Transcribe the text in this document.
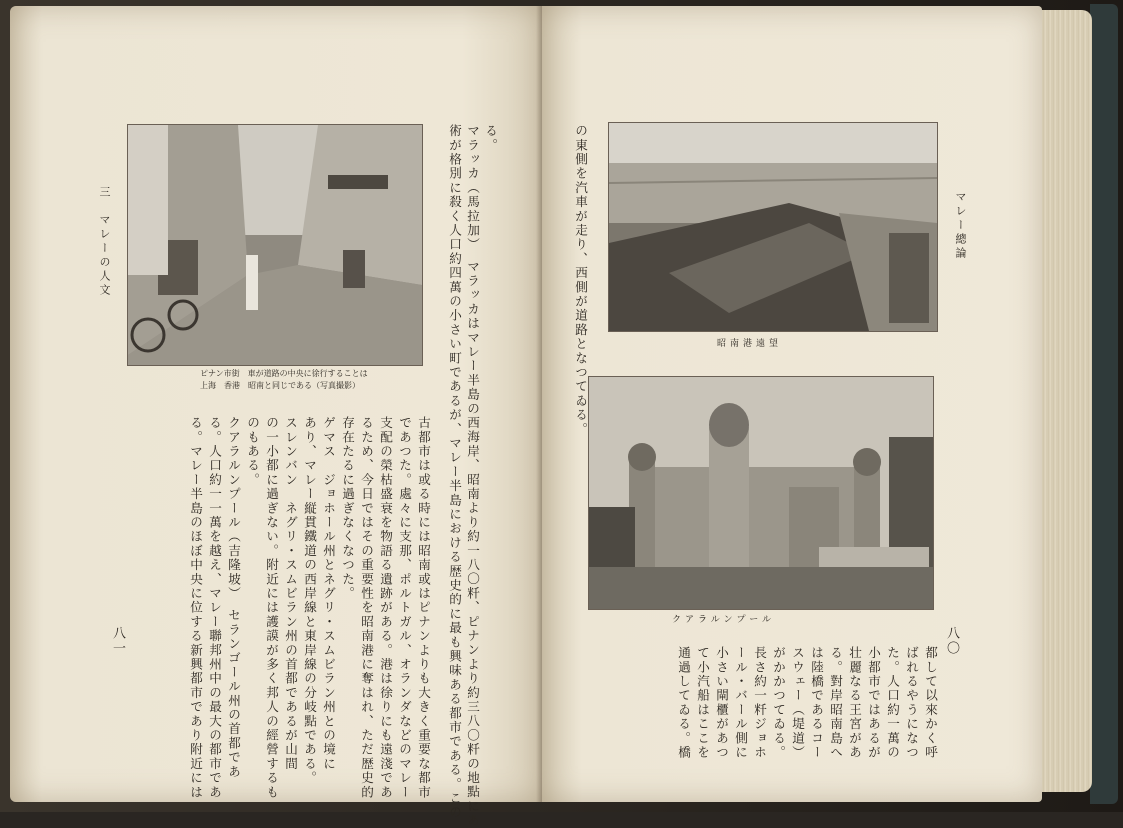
三　マレーの人文
八一
ピナン市街　車が道路の中央に徐行することは
上海　香港　昭南と同じである（写真撮影）
る。
マラッカ（馬拉加）　マラッカはマレー半島の西海岸、昭南より約一八〇粁、ピナンより約三八〇粁の地點にあ
術が格別に殺く人口約四萬の小さい町であるが、マレー半島における歴史的に最も興味ある都市である。この
古都市は或る時には昭南或はピナンよりも大きく重要な都市
であつた。處々に支那、ポルトガル、オランダなどのマレー
支配の榮枯盛衰を物語る遺跡がある。港は徐りにも遠淺であ
るため、今日ではその重要性を昭南港に奪はれ、ただ歴史的
存在たるに過ぎなくなつた。
ゲマス　ジョホール州とネグリ・スムビラン州との境に
あり、マレー縦貫鐵道の西岸線と東岸線の分岐點である。
スレンバン　ネグリ・スムビラン州の首都であるが山間
の一小都に過ぎない。附近には護謨が多く邦人の經營するも
のもある。
クアラルンプール（吉隆坡）　セランゴール州の首都であ
る。人口約一一萬を越え、マレー聯邦州中の最大の都市であ
る。マレー半島のほぼ中央に位する新興都市であり附近には
マレー總論
八〇
の東側を汽車が走り、西側が道路となつてゐる。	昭南港遠望
クアラルンプール
都して以來かく呼
ばれるやうになつ
た。人口約一萬の
小都市ではあるが
壮麗なる王宮があ
る。對岸昭南島へ
は陸橋であるコー
スウェー（堤道）
がかかつてゐる。
長さ約一粁ジョホ
ール・バール側に
小さい閘櫃があつ
て小汽船はここを
通過してゐる。橋
